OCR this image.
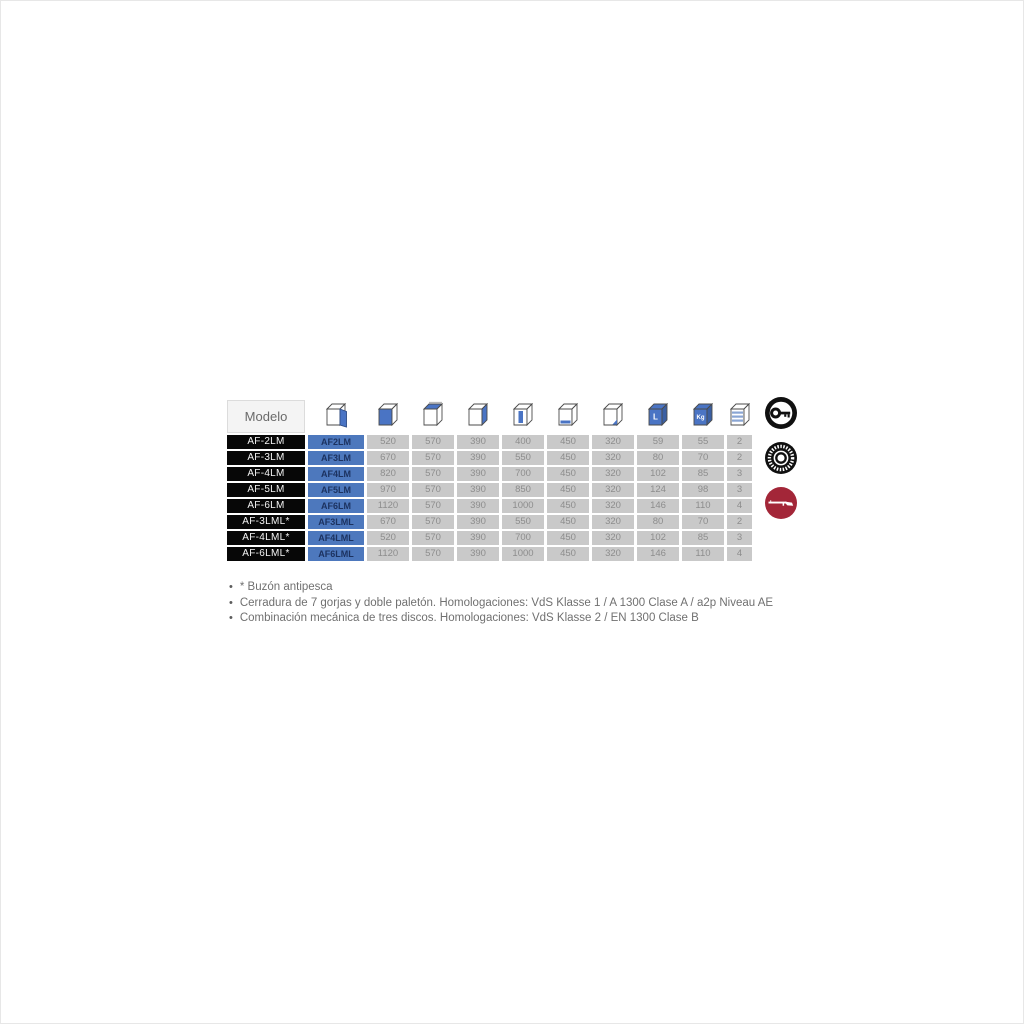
Modelo								L	Kg

AF-2LM	AF2LM	520	570	390	400	450	320	59	55	2
AF-3LM	AF3LM	670	570	390	550	450	320	80	70	2
AF-4LM	AF4LM	820	570	390	700	450	320	102	85	3
AF-5LM	AF5LM	970	570	390	850	450	320	124	98	3
AF-6LM	AF6LM	1120	570	390	1000	450	320	146	110	4
AF-3LML*	AF3LML	670	570	390	550	450	320	80	70	2
AF-4LML*	AF4LML	520	570	390	700	450	320	102	85	3
AF-6LML*	AF6LML	1120	570	390	1000	450	320	146	110	4

• * Buzón antipesca
• Cerradura de 7 gorjas y doble paletón. Homologaciones: VdS Klasse 1 / A 1300 Clase A / a2p Niveau AE
• Combinación mecánica de tres discos. Homologaciones: VdS Klasse 2 / EN 1300 Clase B
